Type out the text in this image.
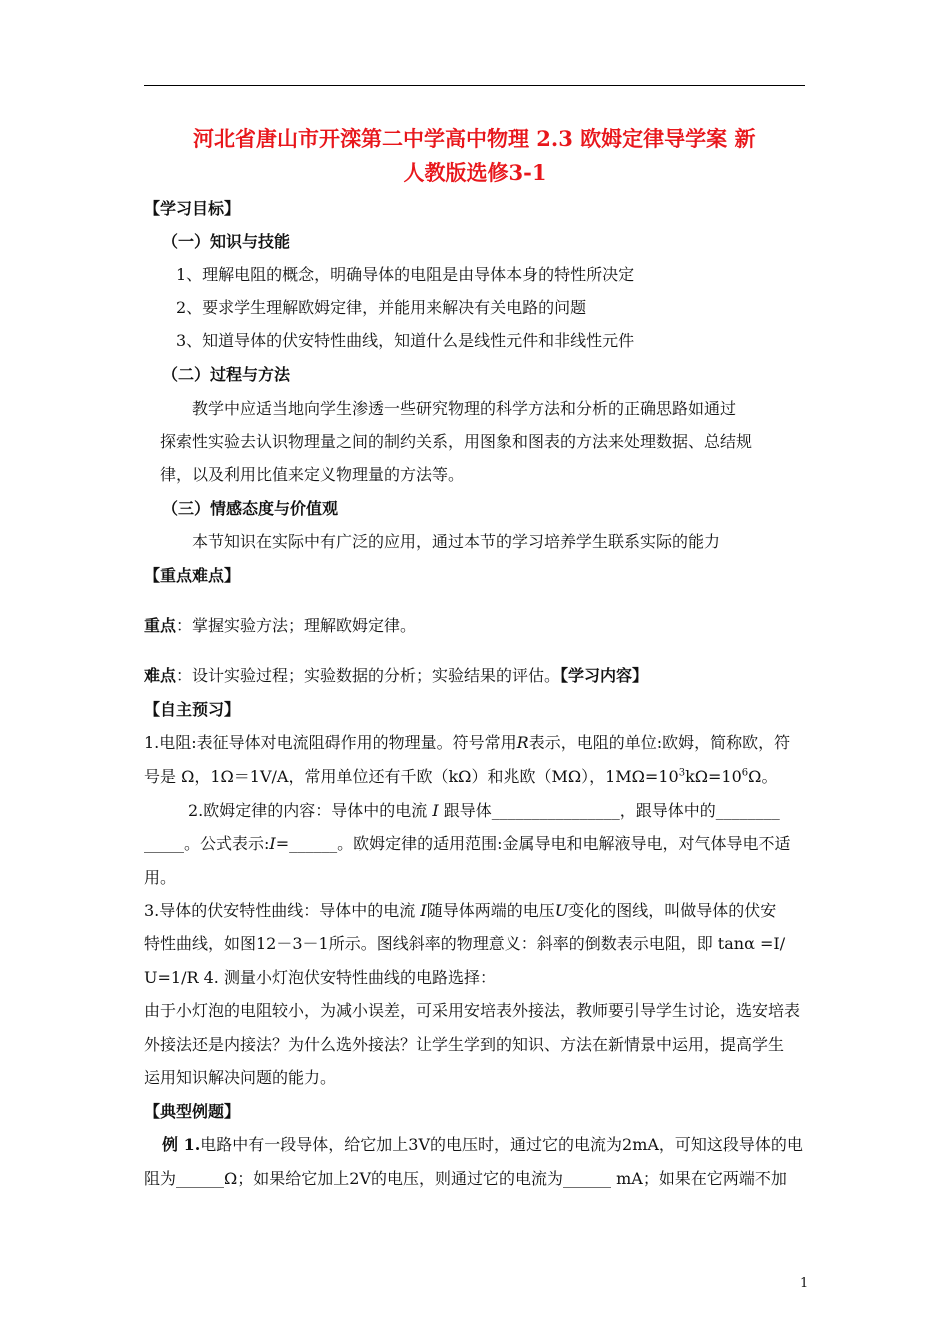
河北省唐山市开滦第二中学高中物理 2.3 欧姆定律导学案 新
人教版选修3-1
【学习目标】
（一）知识与技能
1、理解电阻的概念，明确导体的电阻是由导体本身的特性所决定
2、要求学生理解欧姆定律，并能用来解决有关电路的问题
3、知道导体的伏安特性曲线，知道什么是线性元件和非线性元件
（二）过程与方法
教学中应适当地向学生渗透一些研究物理的科学方法和分析的正确思路如通过
探索性实验去认识物理量之间的制约关系，用图象和图表的方法来处理数据、总结规
律，以及利用比值来定义物理量的方法等。
（三）情感态度与价值观
本节知识在实际中有广泛的应用，通过本节的学习培养学生联系实际的能力
【重点难点】
重点：掌握实验方法；理解欧姆定律。
难点：设计实验过程；实验数据的分析；实验结果的评估。【学习内容】
【自主预习】
1.电阻:表征导体对电流阻碍作用的物理量。符号常用R表示，电阻的单位:欧姆，简称欧，符
号是 Ω，1Ω＝1V/A，常用单位还有千欧（kΩ）和兆欧（MΩ），$1M\Omega=10^3k\Omega=10^6\Omega$。
2.欧姆定律的内容：导体中的电流 I 跟导体________________，跟导体中的________
_____。公式表示:I=______。欧姆定律的适用范围:金属导电和电解液导电，对气体导电不适
用。
3.导体的伏安特性曲线：导体中的电流 I随导体两端的电压U变化的图线，叫做导体的伏安
特性曲线，如图12－3－1所示。图线斜率的物理意义：斜率的倒数表示电阻，即 tanα =I/
U=1/R 4. 测量小灯泡伏安特性曲线的电路选择：
由于小灯泡的电阻较小，为减小误差，可采用安培表外接法，教师要引导学生讨论，选安培表
外接法还是内接法？为什么选外接法？让学生学到的知识、方法在新情景中运用，提高学生
运用知识解决问题的能力。
【典型例题】
例 1.电路中有一段导体，给它加上3V的电压时，通过它的电流为2mA，可知这段导体的电
阻为______Ω；如果给它加上2V的电压，则通过它的电流为______ mA；如果在它两端不加
1
